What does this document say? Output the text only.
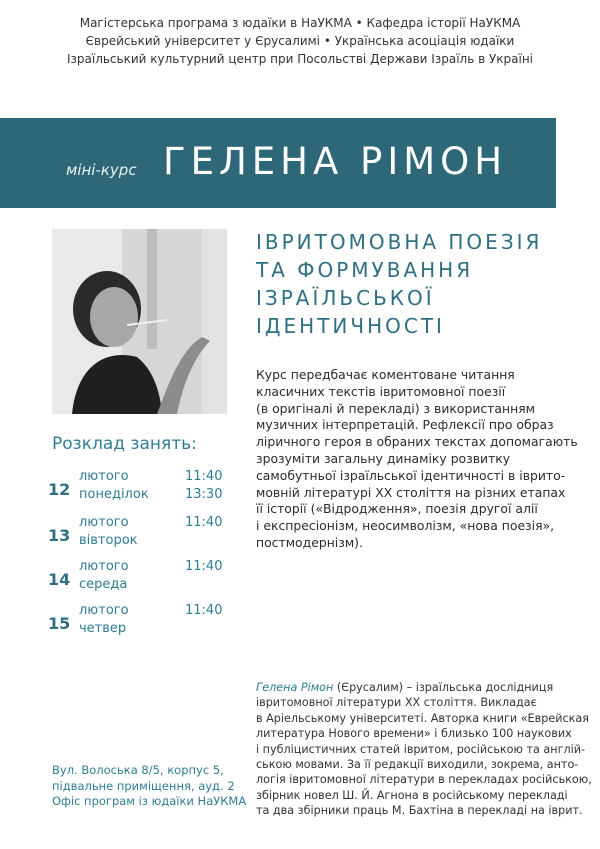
Магістерська програма з юдаїки в НаУКМА • Кафедра історії НаУКМА
Єврейський університет у Єрусалимі • Українська асоціація юдаїки
Ізраїльський культурний центр при Посольстві Держави Ізраїль в Україні
міні-курс ГЕЛЕНА РІМОН
ІВРИТОМОВНА ПОЕЗІЯ
ТА ФОРМУВАННЯ
ІЗРАЇЛЬСЬКОЇ
ІДЕНТИЧНОСТІ
Курс передбачає коментоване читання
класичних текстів івритомовної поезії
(в оригіналі й перекладі) з використанням
музичних інтерпретацій. Рефлексії про образ
ліричного героя в обраних текстах допомагають
зрозуміти загальну динаміку розвитку
самобутньої ізраїльської ідентичності в іврито-
мовній літературі XX століття на різних етапах
її історії («Відродження», поезія другої алії
і експресіонізм, неосимволізм, «нова поезія»,
постмодернізм).
Розклад занять:
12
лютого
понеділок
11:40
13:30
13
лютого
вівторок
11:40
14
лютого
середа
11:40
15
лютого
четвер
11:40
Гелена Рімон (Єрусалим) – ізраїльська дослідниця
івритомовної літератури XX століття. Викладає
в Аріельському університеті. Авторка книги «Еврейская
литература Нового времени» і близько 100 наукових
і публіцистичних статей івритом, російською та англій-
ською мовами. За її редакції виходили, зокрема, анто-
логія івритомовної літератури в перекладах російською,
збірник новел Ш. Й. Агнона в російському перекладі
та два збірники праць М. Бахтіна в перекладі на іврит.
Вул. Волоська 8/5, корпус 5,
підвальне приміщення, ауд. 2
Офіс програм із юдаїки НаУКМА
